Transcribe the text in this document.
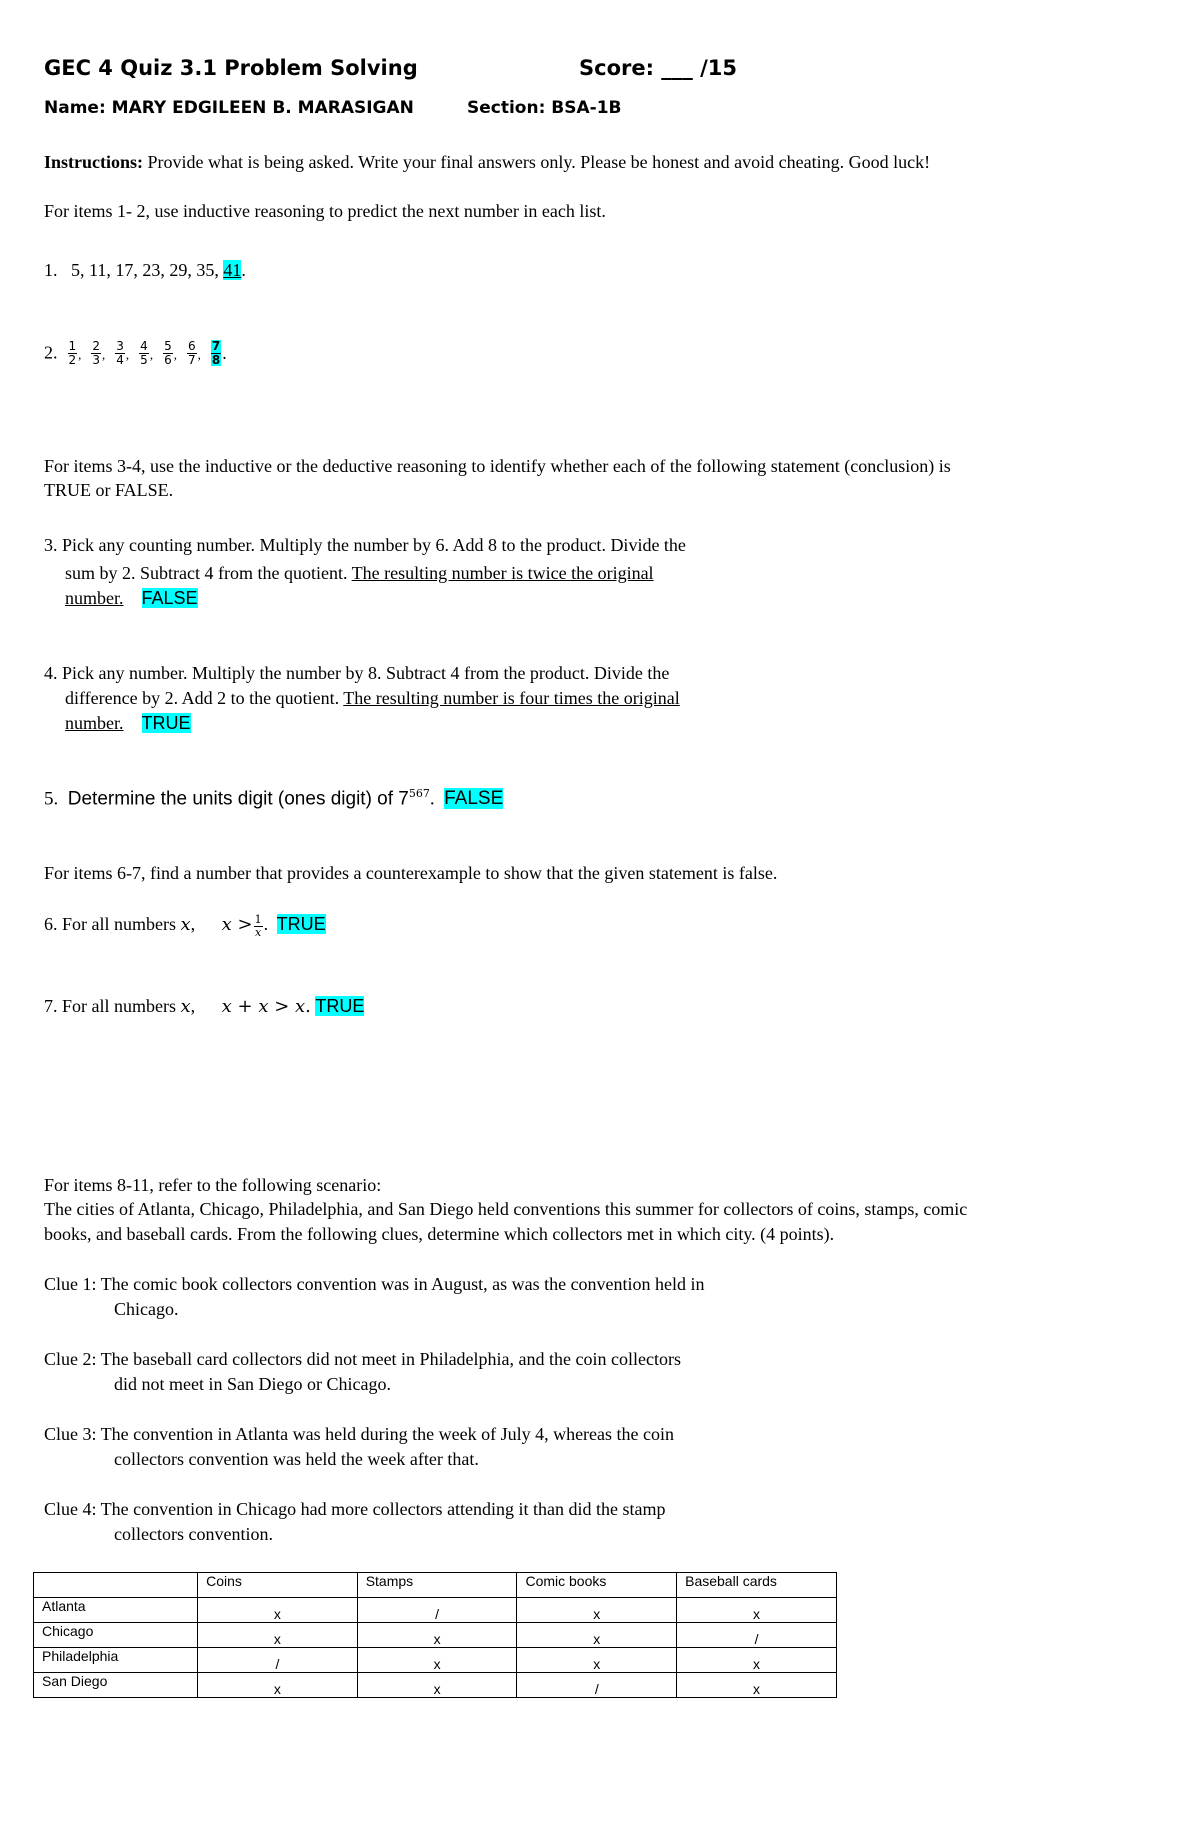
GEC 4 Quiz 3.1 Problem Solving	Score: ___ /15
Name: MARY EDGILEEN B. MARASIGAN	Section: BSA-1B
Instructions: Provide what is being asked. Write your final answers only. Please be honest and avoid cheating. Good luck!
For items 1- 2, use inductive reasoning to predict the next number in each list.
1. 5, 11, 17, 23, 29, 35, 41.
2. $\frac{1}{2}$ , $\frac{2}{3}$ , $\frac{3}{4}$ , $\frac{4}{5}$ , $\frac{5}{6}$ , $\frac{6}{7}$ , $\frac{7}{8}$ .
For items 3-4, use the inductive or the deductive reasoning to identify whether each of the following statement (conclusion) is
TRUE or FALSE.
3. Pick any counting number. Multiply the number by 6. Add 8 to the product. Divide the
sum by 2. Subtract 4 from the quotient. The resulting number is twice the original
number. FALSE
4. Pick any number. Multiply the number by 8. Subtract 4 from the product. Divide the
difference by 2. Add 2 to the quotient. The resulting number is four times the original
number. TRUE
5. Determine the units digit (ones digit) of $7^{567}$. FALSE
For items 6-7, find a number that provides a counterexample to show that the given statement is false.
6. For all numbers x, $x > \frac{1}{x}$ . TRUE
7. For all numbers x, x + x > x. TRUE
For items 8-11, refer to the following scenario:
The cities of Atlanta, Chicago, Philadelphia, and San Diego held conventions this summer for collectors of coins, stamps, comic
books, and baseball cards. From the following clues, determine which collectors met in which city. (4 points).
Clue 1: The comic book collectors convention was in August, as was the convention held in
Chicago.
Clue 2: The baseball card collectors did not meet in Philadelphia, and the coin collectors
did not meet in San Diego or Chicago.
Clue 3: The convention in Atlanta was held during the week of July 4, whereas the coin
collectors convention was held the week after that.
Clue 4: The convention in Chicago had more collectors attending it than did the stamp
collectors convention.
	Coins	Stamps	Comic books	Baseball cards
Atlanta	x	/	x	x
Chicago	x	x	x	/
Philadelphia	/	x	x	x
San Diego	x	x	/	x
